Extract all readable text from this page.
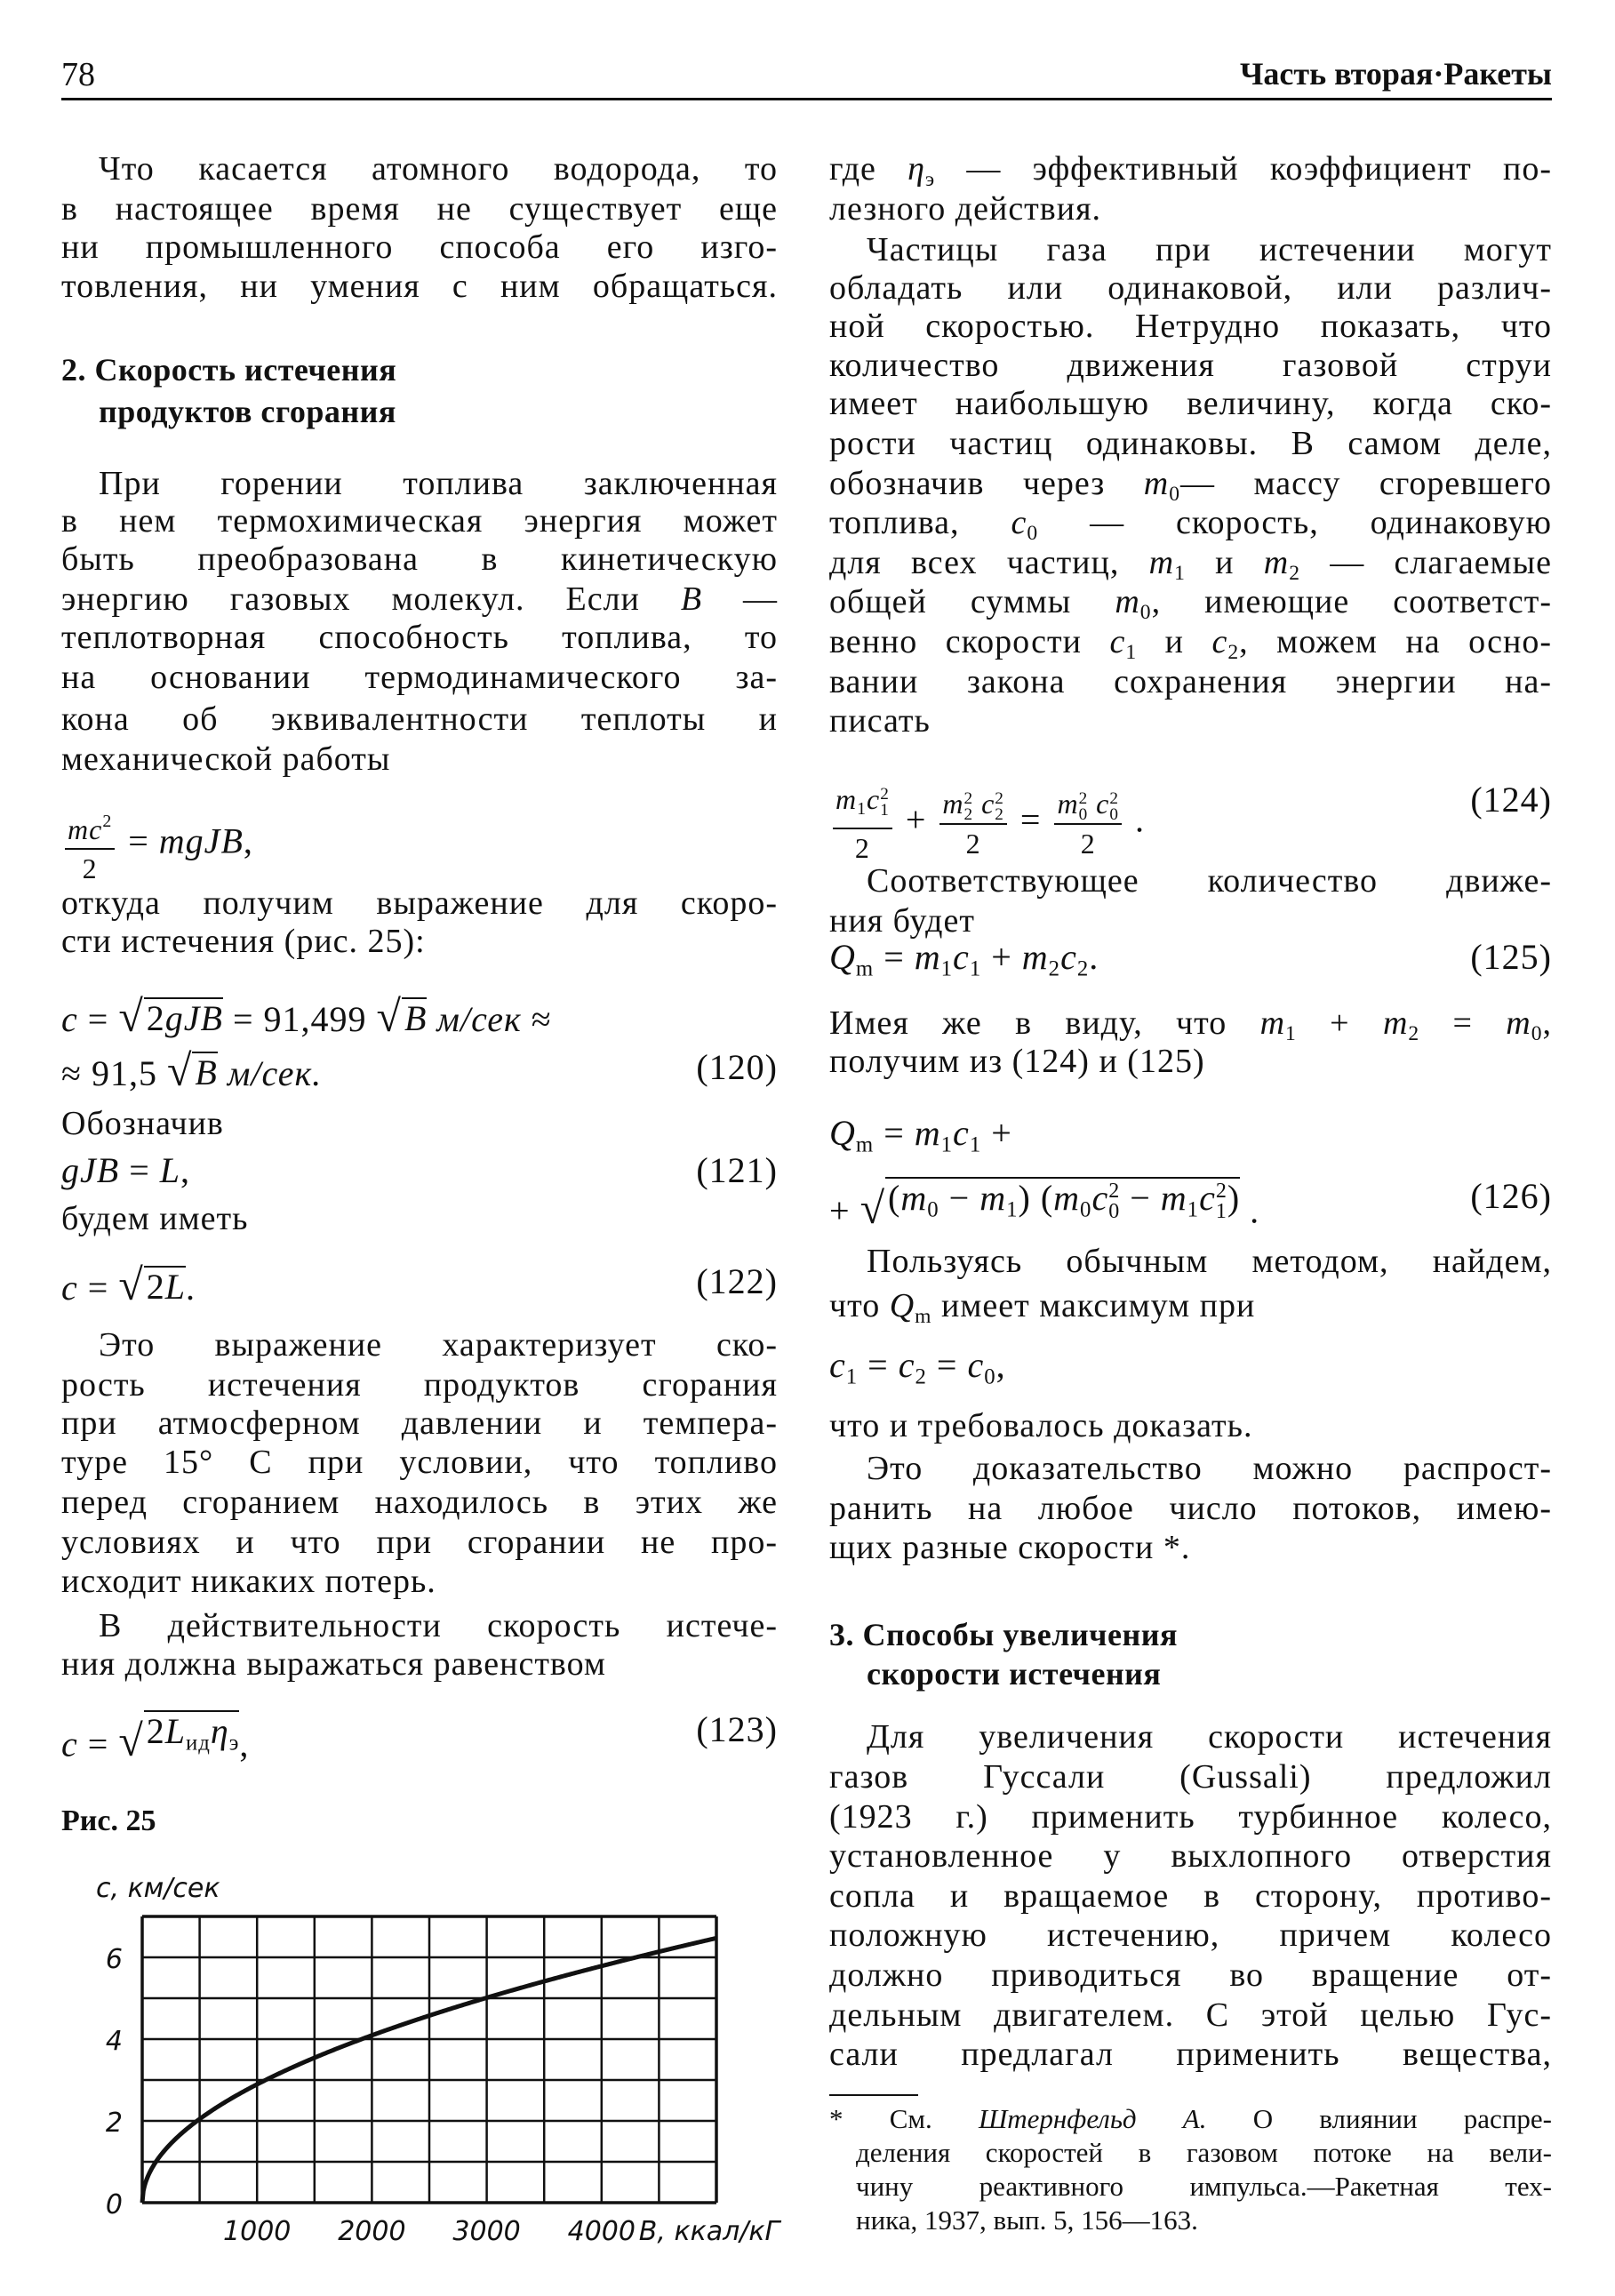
78	Часть вторая·Ракеты
Что касается атомного водорода, то
в настоящее время не существует еще
ни промышленного способа его изго-
товления, ни умения с ним обращаться.
2. Скорость истечения
продуктов сгорания
При горении топлива заключенная
в нем термохимическая энергия может
быть преобразована в кинетическую
энергию газовых молекул. Если B —
теплотворная способность топлива, то
на основании термодинамического за-
кона об эквивалентности теплоты и
механической работы
$\frac{mc^2}{2}$ = mgJB,
откуда получим выражение для скоро-
сти истечения (рис. 25):
c = √ 2gJB = 91,499 √ B м/сек ≈
≈ 91,5 √ B м/сек.	(120)
Обозначив
gJB = L,	(121)
будем иметь
c = √ 2L .	(122)
Это выражение характеризует ско-
рость истечения продуктов сгорания
при атмосферном давлении и темпера-
туре 15° C при условии, что топливо
перед сгоранием находилось в этих же
условиях и что при сгорании не про-
исходит никаких потерь.
В действительности скорость истече-
ния должна выражаться равенством
c = √ $2L_{ид}\eta_э$ ,	(123)
где $\eta_э$ — эффективный коэффициент по-
лезного действия.
Частицы газа при истечении могут
обладать или одинаковой, или различ-
ной скоростью. Нетрудно показать, что
количество движения газовой струи
имеет наибольшую величину, когда ско-
рости частиц одинаковы. В самом деле,
обозначив через $m_0—$ массу сгоревшего
топлива, $c_0$ — скорость, одинаковую
для всех частиц, $m_1$ и $m_2$ — слагаемые
общей суммы $m_0$, имеющие соответст-
венно скорости $c_1$ и $c_2$, можем на осно-
вании закона сохранения энергии на-
писать
$m_1c$ 2
1
2 + m 2
2 c 2
2
2 = m 2
0 c 2
0
2 .
(124)
Соответствующее количество движе-
ния будет
$Q_m = m_1c_1 + m_2c_2$.	(125)
Имея же в виду, что $m_1 + m_2 = m_0$,
получим из (124) и (125)
$Q_m = m_1c_1$ +
+ √ $(m_0 - m_1)$ ($m_0c$ 2
$0 - m_1c$ 2
1 ) .	(126)
Пользуясь обычным методом, найдем,
что $Q_m$ имеет максимум при
$c_1 = c_2 = c_0$,
что и требовалось доказать.
Это доказательство можно распрост-
ранить на любое число потоков, имею-
щих разные скорости *.
3. Способы увеличения
скорости истечения
Для увеличения скорости истечения
газов Гуссали (Gussali) предложил
(1923 г.) применить турбинное колесо,
установленное у выхлопного отверстия
сопла и вращаемое в сторону, противо-
положную истечению, причем колесо
должно приводиться во вращение от-
дельным двигателем. С этой целью Гус-
сали предлагал применить вещества,
* См. Штернфельд А. О влиянии распре-
деления скоростей в газовом потоке на вели-
чину реактивного импульса.—Ракетная тех-
ника, 1937, вып. 5, 156—163.
Рис. 25
0
2
4
6
1000 2000 3000 4000 B, ккал/кГ
c, км/сек
